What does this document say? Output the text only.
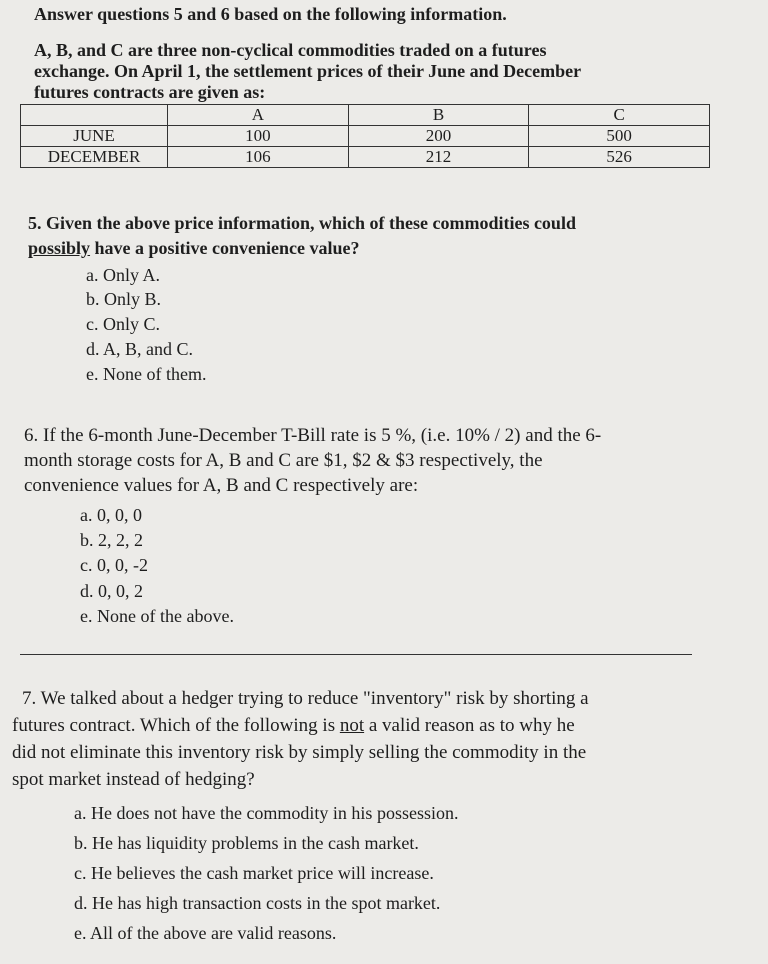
Answer questions 5 and 6 based on the following information.
A, B, and C are three non-cyclical commodities traded on a futures
exchange. On April 1, the settlement prices of their June and December
futures contracts are given as:
	A	B	C
JUNE	100	200	500
DECEMBER	106	212	526
5. Given the above price information, which of these commodities could
possibly have a positive convenience value?
a. Only A.
b. Only B.
c. Only C.
d. A, B, and C.
e. None of them.
6. If the 6-month June-December T-Bill rate is 5 %, (i.e. 10% / 2) and the 6-
month storage costs for A, B and C are $1, $2 & $3 respectively, the
convenience values for A, B and C respectively are:
a. 0, 0, 0
b. 2, 2, 2
c. 0, 0, -2
d. 0, 0, 2
e. None of the above.
7. We talked about a hedger trying to reduce "inventory" risk by shorting a
futures contract. Which of the following is not a valid reason as to why he
did not eliminate this inventory risk by simply selling the commodity in the
spot market instead of hedging?
a. He does not have the commodity in his possession.
b. He has liquidity problems in the cash market.
c. He believes the cash market price will increase.
d. He has high transaction costs in the spot market.
e. All of the above are valid reasons.
